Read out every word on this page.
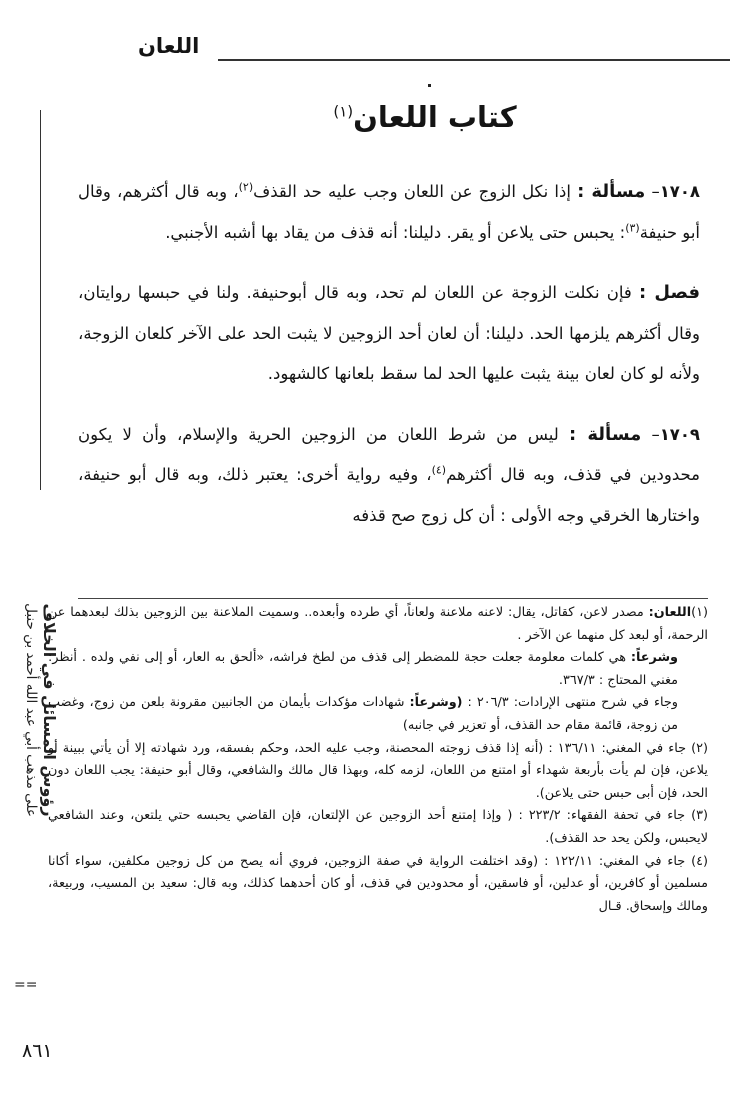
اللعان
رؤوس المسائل في الخلاف
على مذهب أبي عبد الله أحمد بن حنبل
كتاب اللعان$^{(١)}$

١٧٠٨– مسألة : إذا نكل الزوج عن اللعان وجب عليه حد القذف$^{(٢)}$، وبه قال أكثرهم، وقال أبو حنيفة$^{(٣)}$: يحبس حتى يلاعن أو يقر. دليلنا: أنه قذف من يقاد بها أشبه الأجنبي.

فصل : فإن نكلت الزوجة عن اللعان لم تحد، وبه قال أبوحنيفة. ولنا في حبسها روايتان، وقال أكثرهم يلزمها الحد. دليلنا: أن لعان أحد الزوجين لا يثبت الحد على الآخر كلعان الزوجة، ولأنه لو كان لعان بينة يثبت عليها الحد لما سقط بلعانها كالشهود.

١٧٠٩– مسألة : ليس من شرط اللعان من الزوجين الحرية والإسلام، وأن لا يكون محدودين في قذف، وبه قال أكثرهم$^{(٤)}$، وفيه رواية أخرى: يعتبر ذلك، وبه قال أبو حنيفة، واختارها الخرقي وجه الأولى : أن كل زوج صح قذفه

(١)اللعان: مصدر لاعن، كقاتل، يقال: لاعنه ملاعنة ولعاناً، أي طرده وأبعده.. وسميت الملاعنة بين الزوجين بذلك لبعدهما عن الرحمة، أو لبعد كل منهما عن الآخر .

وشرعاً: هي كلمات معلومة جعلت حجة للمضطر إلى قذف من لطخ فراشه، «ألحق به العار، أو إلى نفي ولده . أنظر: مغني المحتاج : ٣٦٧/٣.

وجاء في شرح منتهى الإرادات: ٢٠٦/٣ : (وشرعاً: شهادات مؤكدات بأيمان من الجانبين مقرونة بلعن من زوج، وغضب من زوجة، قائمة مقام حد القذف، أو تعزير في جانبه)

(٢) جاء في المغني: ١٣٦/١١ : (أنه إذا قذف زوجته المحصنة، وجب عليه الحد، وحكم بفسقه، ورد شهادته إلا أن يأتي ببينة أو يلاعن، فإن لم يأت بأربعة شهداء أو امتنع من اللعان، لزمه كله، وبهذا قال مالك والشافعي، وقال أبو حنيفة: يجب اللعان دون الحد، فإن أبى حبس حتى يلاعن).

(٣) جاء في تحفة الفقهاء: ٢٢٣/٢ : ( وإذا إمتنع أحد الزوجين عن الإلتعان، فإن القاضي يحبسه حتي يلتعن، وعند الشافعي لايحبس، ولكن يحد حد القذف).

(٤) جاء في المغني: ١٢٢/١١ : (وقد اختلفت الرواية في صفة الزوجين، فروي أنه يصح من كل زوجين مكلفين، سواء أكانا مسلمين أو كافرين، أو عدلين، أو فاسقين، أو محدودين في قذف، أو كان أحدهما كذلك، وبه قال: سعيد بن المسيب، وربيعة، ومالك وإسحاق. قـال

==
٨٦١
